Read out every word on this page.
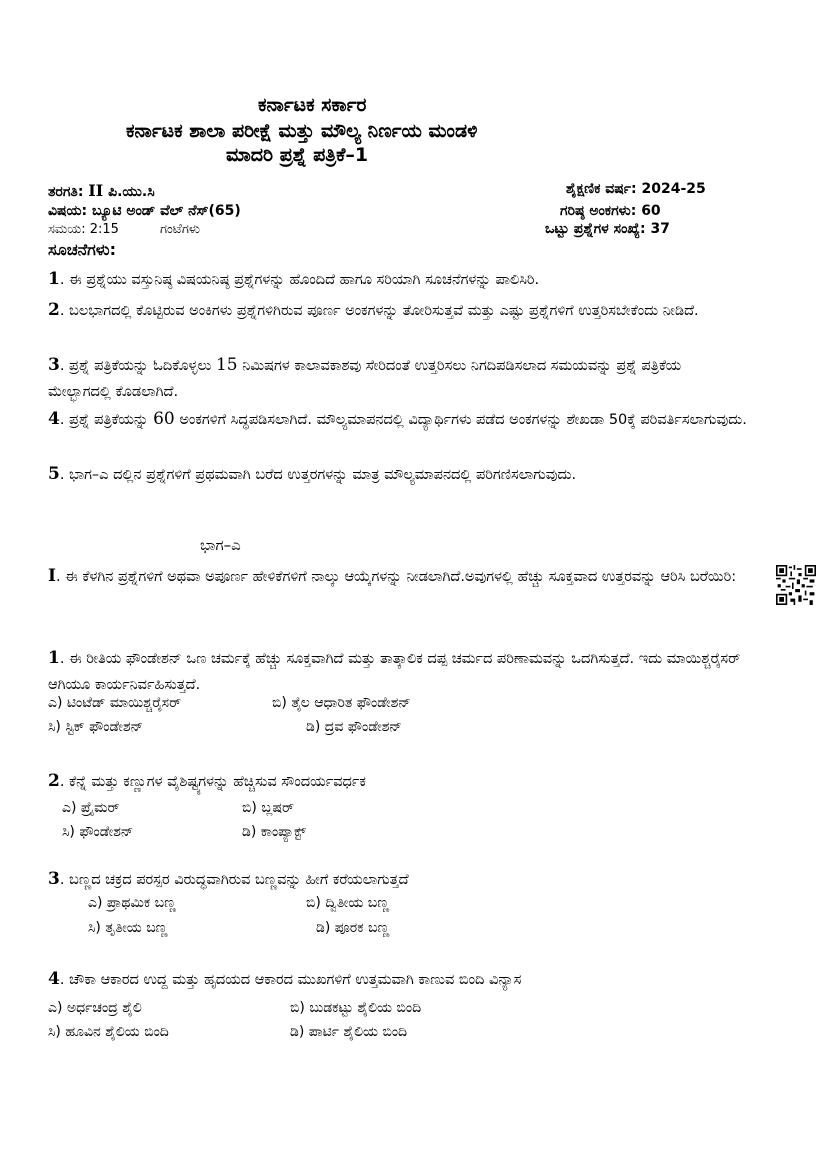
ಕರ್ನಾಟಕ ಸರ್ಕಾರ
ಕರ್ನಾಟಕ ಶಾಲಾ ಪರೀಕ್ಷೆ ಮತ್ತು ಮೌಲ್ಯ ನಿರ್ಣಯ ಮಂಡಳಿ
ಮಾದರಿ ಪ್ರಶ್ನೆ ಪತ್ರಿಕೆ–1
ತರಗತಿ: II ಪಿ.ಯು.ಸಿ	ಶೈಕ್ಷಣಿಕ ವರ್ಷ: 2024-25
ವಿಷಯ: ಬ್ಯೂಟಿ ಅಂಡ್ ವೆಲ್ ನೆಸ್(65)	ಗರಿಷ್ಠ ಅಂಕಗಳು: 60
ಸಮಯ: 2:15	ಗಂಟೆಗಳು	ಒಟ್ಟು ಪ್ರಶ್ನೆಗಳ ಸಂಖ್ಯೆ: 37
ಸೂಚನೆಗಳು:
1. ಈ ಪ್ರಶ್ನೆಯು ವಸ್ತುನಿಷ್ಠ ವಿಷಯನಿಷ್ಠ ಪ್ರಶ್ನೆಗಳನ್ನು ಹೊಂದಿದೆ ಹಾಗೂ ಸರಿಯಾಗಿ ಸೂಚನೆಗಳನ್ನು ಪಾಲಿಸಿರಿ.
2. ಬಲಭಾಗದಲ್ಲಿ ಕೊಟ್ಟಿರುವ ಅಂಕಿಗಳು ಪ್ರಶ್ನೆಗಳಿಗಿರುವ ಪೂರ್ಣ ಅಂಕಗಳನ್ನು ತೋರಿಸುತ್ತವೆ ಮತ್ತು ಎಷ್ಟು ಪ್ರಶ್ನೆಗಳಿಗೆ ಉತ್ತರಿಸಬೇಕೆಂದು ನೀಡಿದೆ.
3. ಪ್ರಶ್ನೆ ಪತ್ರಿಕೆಯನ್ನು ಓದಿಕೊಳ್ಳಲು 15 ನಿಮಿಷಗಳ ಕಾಲಾವಕಾಶವು ಸೇರಿದಂತೆ ಉತ್ತರಿಸಲು ನಿಗದಿಪಡಿಸಲಾದ ಸಮಯವನ್ನು ಪ್ರಶ್ನೆ ಪತ್ರಿಕೆಯ ಮೇಲ್ಭಾಗದಲ್ಲಿ ಕೊಡಲಾಗಿದೆ.
4. ಪ್ರಶ್ನೆ ಪತ್ರಿಕೆಯನ್ನು 60 ಅಂಕಗಳಿಗೆ ಸಿದ್ಧಪಡಿಸಲಾಗಿದೆ. ಮೌಲ್ಯಮಾಪನದಲ್ಲಿ ವಿದ್ಯಾರ್ಥಿಗಳು ಪಡೆದ ಅಂಕಗಳನ್ನು ಶೇಖಡಾ 50ಕ್ಕೆ ಪರಿವರ್ತಿಸಲಾಗುವುದು.
5. ಭಾಗ–ಎ ದಲ್ಲಿನ ಪ್ರಶ್ನೆಗಳಿಗೆ ಪ್ರಥಮವಾಗಿ ಬರೆದ ಉತ್ತರಗಳನ್ನು ಮಾತ್ರ ಮೌಲ್ಯಮಾಪನದಲ್ಲಿ ಪರಿಗಣಿಸಲಾಗುವುದು.
ಭಾಗ–ಎ
I. ಈ ಕೆಳಗಿನ ಪ್ರಶ್ನೆಗಳಿಗೆ ಅಥವಾ ಅಪೂರ್ಣ ಹೇಳಿಕೆಗಳಿಗೆ ನಾಲ್ಕು ಆಯ್ಕೆಗಳನ್ನು ನೀಡಲಾಗಿದೆ.ಅವುಗಳಲ್ಲಿ ಹೆಚ್ಚು ಸೂಕ್ತವಾದ ಉತ್ತರವನ್ನು ಆರಿಸಿ ಬರೆಯಿರಿ:
1. ಈ ರೀತಿಯ ಫೌಂಡೇಶನ್ ಒಣ ಚರ್ಮಕ್ಕೆ ಹೆಚ್ಚು ಸೂಕ್ತವಾಗಿದೆ ಮತ್ತು ತಾತ್ಕಾಲಿಕ ದಪ್ಪ ಚರ್ಮದ ಪರಿಣಾಮವನ್ನು ಒದಗಿಸುತ್ತದೆ. ಇದು ಮಾಯಿಶ್ಚರೈಸರ್ ಆಗಿಯೂ ಕಾರ್ಯನಿರ್ವಹಿಸುತ್ತದೆ.
ಎ) ಟಿಂಟೆಡ್ ಮಾಯಿಶ್ಚರೈಸರ್	ಬಿ) ತೈಲ ಆಧಾರಿತ ಫೌಂಡೇಶನ್
ಸಿ) ಸ್ಟಿಕ್ ಫೌಂಡೇಶನ್	ಡಿ) ದ್ರವ ಫೌಂಡೇಶನ್
2. ಕೆನ್ನೆ ಮತ್ತು ಕಣ್ಣುಗಳ ವೈಶಿಷ್ಟ್ಯಗಳನ್ನು ಹೆಚ್ಚಿಸುವ ಸೌಂದರ್ಯವರ್ಧಕ
ಎ) ಪ್ರೈಮರ್	ಬಿ) ಬ್ಲಷರ್
ಸಿ) ಫೌಂಡೇಶನ್	ಡಿ) ಕಾಂಪ್ಯಾಕ್ಟ್
3. ಬಣ್ಣದ ಚಕ್ರದ ಪರಸ್ಪರ ವಿರುದ್ಧವಾಗಿರುವ ಬಣ್ಣವನ್ನು ಹೀಗೆ ಕರೆಯಲಾಗುತ್ತದೆ
ಎ) ಪ್ರಾಥಮಿಕ ಬಣ್ಣ	ಬಿ) ದ್ವಿತೀಯ ಬಣ್ಣ
ಸಿ) ತೃತೀಯ ಬಣ್ಣ	ಡಿ) ಪೂರಕ ಬಣ್ಣ
4. ಚೌಕಾ ಆಕಾರದ ಉದ್ದ ಮತ್ತು ಹೃದಯದ ಆಕಾರದ ಮುಖಗಳಿಗೆ ಉತ್ತಮವಾಗಿ ಕಾಣುವ ಬಿಂದಿ ವಿನ್ಯಾಸ
ಎ) ಅರ್ಧಚಂದ್ರ ಶೈಲಿ	ಬಿ) ಬುಡಕಟ್ಟು ಶೈಲಿಯ ಬಿಂದಿ
ಸಿ) ಹೂವಿನ ಶೈಲಿಯ ಬಿಂದಿ	ಡಿ) ಪಾರ್ಟಿ ಶೈಲಿಯ ಬಿಂದಿ
